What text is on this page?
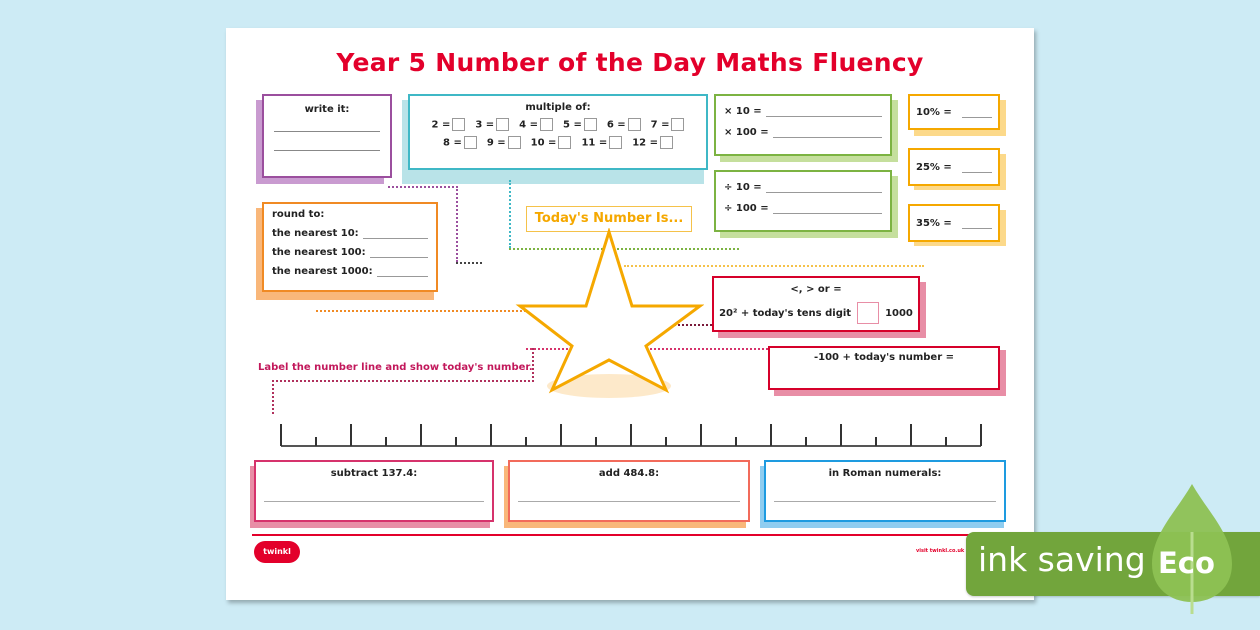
Year 5 Number of the Day Maths Fluency
write it:	multiple of:
2 =	3 =	4 =	5 =	6 =	7 =
8 =	9 =	10 =	11 =	12 =
× 10 =
× 100 =
÷ 10 =
÷ 100 =
10% =
25% =
35% =
round to:
the nearest 10:
the nearest 100:
the nearest 1000:
Today's Number Is...
<, > or =
20² + today's tens digit	1000
-100 + today's number =
Label the number line and show today's number.
subtract 137.4:	add 484.8:	in Roman numerals:
twinkl	visit twinkl.co.uk ink saving Eco
